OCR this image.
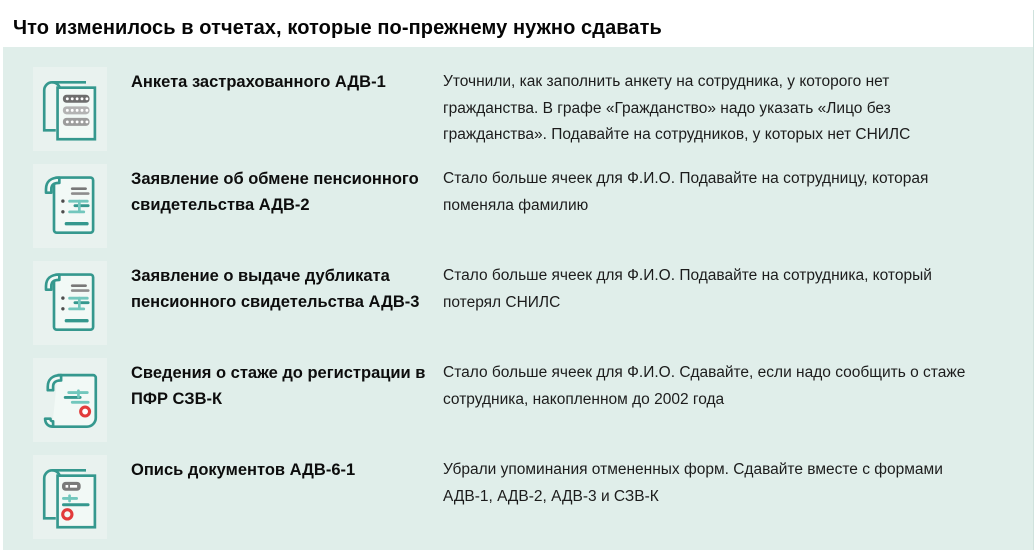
Что изменилось в отчетах, которые по-прежнему нужно сдавать
Анкета застрахованного АДВ-1	Уточнили, как заполнить анкету на сотрудника, у которого нет гражданства. В графе «Гражданство» надо указать «Лицо без гражданства». Подавайте на сотрудников, у которых нет СНИЛС
Заявление об обмене пенсионного свидетельства АДВ-2
Стало больше ячеек для Ф.И.О. Подавайте на сотрудницу, которая поменяла фамилию
Заявление о выдаче дубликата пенсионного свидетельства АДВ-3
Стало больше ячеек для Ф.И.О. Подавайте на сотрудника, который потерял СНИЛС
Сведения о стаже до регистрации в ПФР СЗВ-К
Стало больше ячеек для Ф.И.О. Сдавайте, если надо сообщить о стаже сотрудника, накопленном до 2002 года
Опись документов АДВ-6-1	Убрали упоминания отмененных форм. Сдавайте вместе с формами АДВ-1, АДВ-2, АДВ-3 и СЗВ-К
